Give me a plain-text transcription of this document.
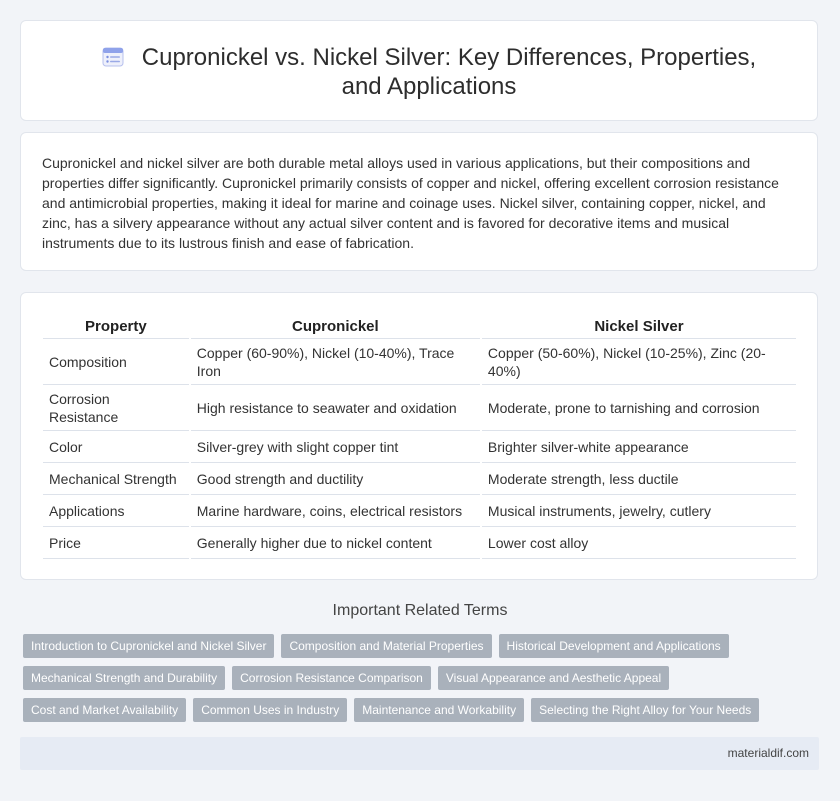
Cupronickel vs. Nickel Silver: Key Differences, Properties, and Applications
Cupronickel and nickel silver are both durable metal alloys used in various applications, but their compositions and properties differ significantly. Cupronickel primarily consists of copper and nickel, offering excellent corrosion resistance and antimicrobial properties, making it ideal for marine and coinage uses. Nickel silver, containing copper, nickel, and zinc, has a silvery appearance without any actual silver content and is favored for decorative items and musical instruments due to its lustrous finish and ease of fabrication.
Property	Cupronickel	Nickel Silver
Composition	Copper (60-90%), Nickel (10-40%), Trace Iron	Copper (50-60%), Nickel (10-25%), Zinc (20-40%)
Corrosion Resistance	High resistance to seawater and oxidation	Moderate, prone to tarnishing and corrosion
Color	Silver-grey with slight copper tint	Brighter silver-white appearance
Mechanical Strength	Good strength and ductility	Moderate strength, less ductile
Applications	Marine hardware, coins, electrical resistors	Musical instruments, jewelry, cutlery
Price	Generally higher due to nickel content	Lower cost alloy
Important Related Terms
Introduction to Cupronickel and Nickel Silver	Composition and Material Properties	Historical Development and Applications
Mechanical Strength and Durability	Corrosion Resistance Comparison	Visual Appearance and Aesthetic Appeal
Cost and Market Availability	Common Uses in Industry	Maintenance and Workability	Selecting the Right Alloy for Your Needs
materialdif.com
